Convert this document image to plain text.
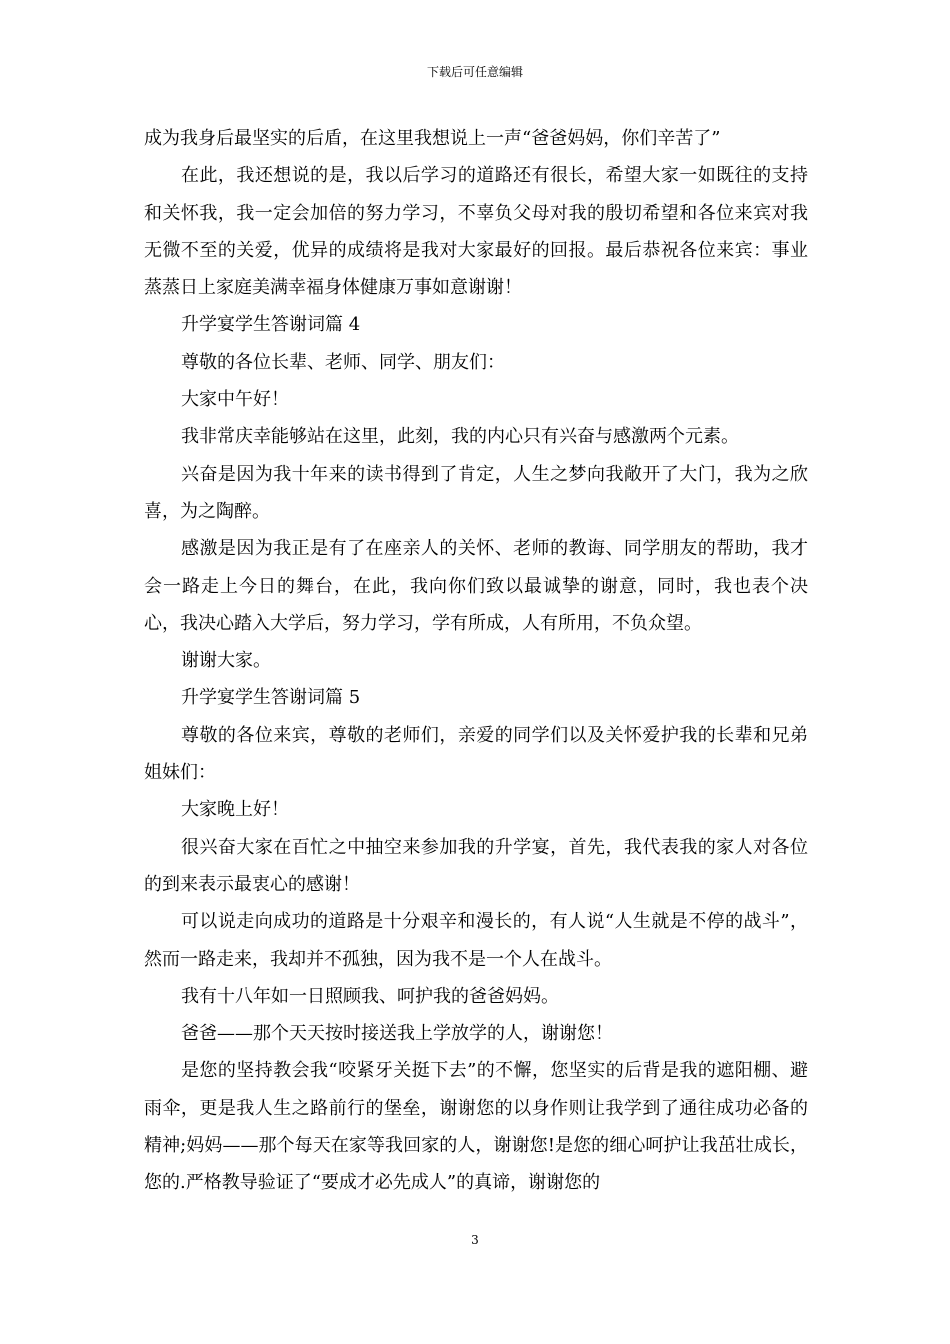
下载后可任意编辑

成为我身后最坚实的后盾，在这里我想说上一声“爸爸妈妈，你们辛苦了”

在此，我还想说的是，我以后学习的道路还有很长，希望大家一如既往的支持和关怀我，我一定会加倍的努力学习，不辜负父母对我的殷切希望和各位来宾对我无微不至的关爱，优异的成绩将是我对大家最好的回报。最后恭祝各位来宾：事业蒸蒸日上家庭美满幸福身体健康万事如意谢谢！

升学宴学生答谢词篇 4

尊敬的各位长辈、老师、同学、朋友们：

大家中午好！

我非常庆幸能够站在这里，此刻，我的内心只有兴奋与感激两个元素。

兴奋是因为我十年来的读书得到了肯定，人生之梦向我敞开了大门，我为之欣喜，为之陶醉。

感激是因为我正是有了在座亲人的关怀、老师的教诲、同学朋友的帮助，我才会一路走上今日的舞台，在此，我向你们致以最诚挚的谢意，同时，我也表个决心，我决心踏入大学后，努力学习，学有所成，人有所用，不负众望。

谢谢大家。

升学宴学生答谢词篇 5

尊敬的各位来宾，尊敬的老师们，亲爱的同学们以及关怀爱护我的长辈和兄弟姐妹们：

大家晚上好！

很兴奋大家在百忙之中抽空来参加我的升学宴，首先，我代表我的家人对各位的到来表示最衷心的感谢！

可以说走向成功的道路是十分艰辛和漫长的，有人说“人生就是不停的战斗”，然而一路走来，我却并不孤独，因为我不是一个人在战斗。

我有十八年如一日照顾我、呵护我的爸爸妈妈。

爸爸——那个天天按时接送我上学放学的人，谢谢您！

是您的坚持教会我“咬紧牙关挺下去”的不懈，您坚实的后背是我的遮阳棚、避雨伞，更是我人生之路前行的堡垒，谢谢您的以身作则让我学到了通往成功必备的精神;妈妈——那个每天在家等我回家的人，谢谢您!是您的细心呵护让我茁壮成长，您的.严格教导验证了“要成才必先成人”的真谛，谢谢您的

3
